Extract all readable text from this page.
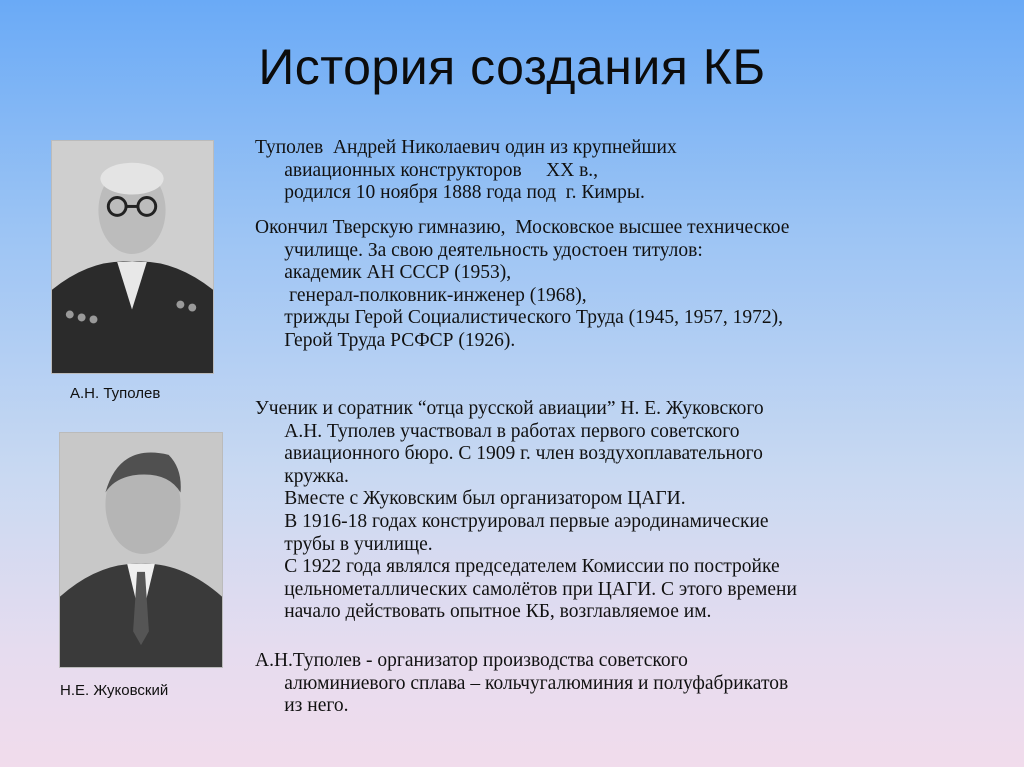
История создания КБ
А.Н. Туполев
Н.Е. Жуковский
Туполев  Андрей Николаевич один из крупнейших
авиационных конструкторов     XX в.,
родился 10 ноября 1888 года под  г. Кимры.
Окончил Тверскую гимназию,  Московское высшее техническое
училище. За свою деятельность удостоен титулов:
академик АН СССР (1953),
генерал-полковник-инженер (1968),
трижды Герой Социалистического Труда (1945, 1957, 1972),
Герой Труда РСФСР (1926).
Ученик и соратник “отца русской авиации” Н. Е. Жуковского
А.Н. Туполев участвовал в работах первого советского
авиационного бюро. С 1909 г. член воздухоплавательного
кружка.
Вместе с Жуковским был организатором ЦАГИ.
В 1916-18 годах конструировал первые аэродинамические
трубы в училище.
С 1922 года являлся председателем Комиссии по постройке
цельнометаллических самолётов при ЦАГИ. С этого времени
начало действовать опытное КБ, возглавляемое им.
А.Н.Туполев - организатор производства советского
алюминиевого сплава – кольчугалюминия и полуфабрикатов
из него.
